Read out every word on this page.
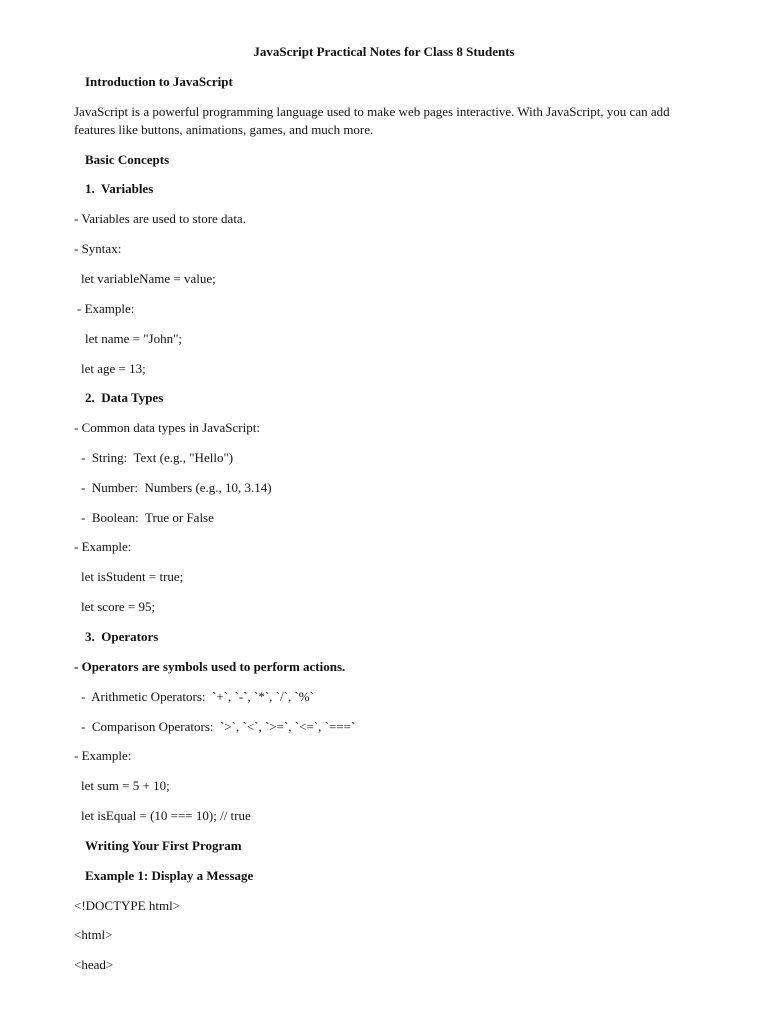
JavaScript Practical Notes for Class 8 Students
Introduction to JavaScript
JavaScript is a powerful programming language used to make web pages interactive. With JavaScript, you can add
features like buttons, animations, games, and much more.
Basic Concepts
1.  Variables
- Variables are used to store data.
- Syntax:
let variableName = value;
- Example:
let name = "John";
let age = 13;
2.  Data Types
- Common data types in JavaScript:
-  String:  Text (e.g., "Hello")
-  Number:  Numbers (e.g., 10, 3.14)
-  Boolean:  True or False
- Example:
let isStudent = true;
let score = 95;
3.  Operators
- Operators are symbols used to perform actions.
-  Arithmetic Operators:  `+`, `-`, `*`, `/`, `%`
-  Comparison Operators:  `>`, `<`, `>=`, `<=`, `===`
- Example:
let sum = 5 + 10;
let isEqual = (10 === 10); // true
Writing Your First Program
Example 1: Display a Message
<!DOCTYPE html>
<html>
<head>
